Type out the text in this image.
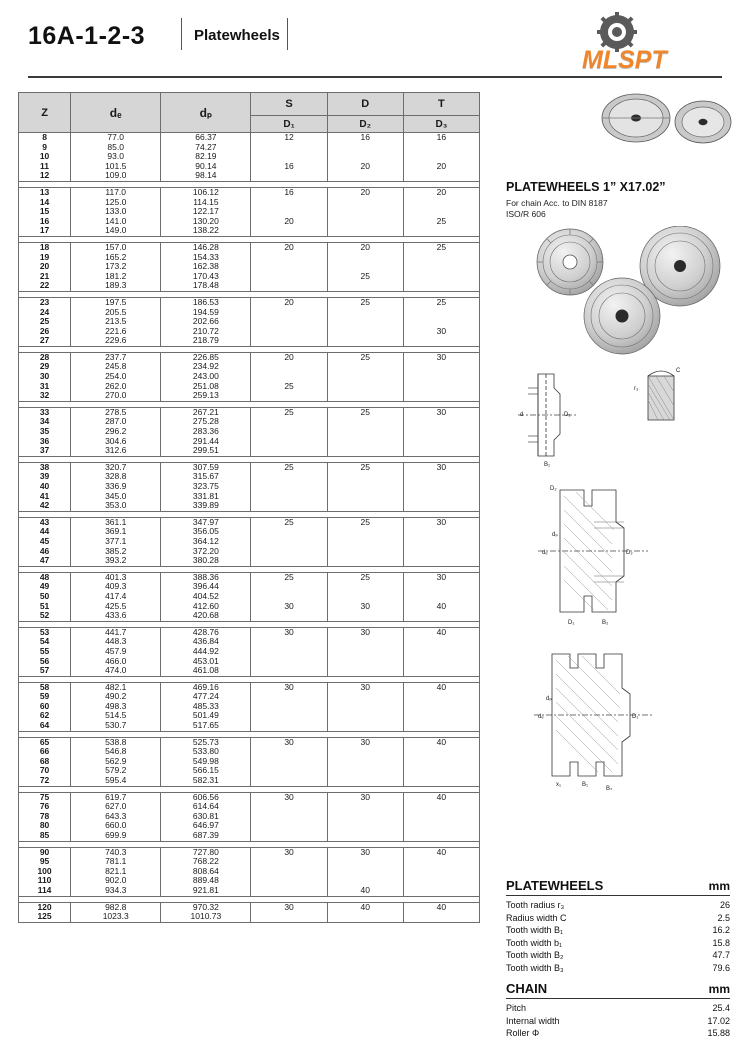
16A-1-2-3	Platewheels
MLSPT
Z	dₑ	dₚ	S	D	T
			D₁	D₂	D₃
8	77.0	66.37	12	16	16
9	85.0	74.27			
10	93.0	82.19			
11	101.5	90.14	16	20	20
12	109.0	98.14			

13	117.0	106.12	16	20	20
14	125.0	114.15			
15	133.0	122.17			
16	141.0	130.20	20		25
17	149.0	138.22			

18	157.0	146.28	20	20	25
19	165.2	154.33			
20	173.2	162.38			
21	181.2	170.43		25	
22	189.3	178.48			

23	197.5	186.53	20	25	25
24	205.5	194.59			
25	213.5	202.66			
26	221.6	210.72			30
27	229.6	218.79			

28	237.7	226.85	20	25	30
29	245.8	234.92			
30	254.0	243.00			
31	262.0	251.08	25		
32	270.0	259.13			

33	278.5	267.21	25	25	30
34	287.0	275.28			
35	296.2	283.36			
36	304.6	291.44			
37	312.6	299.51			

38	320.7	307.59	25	25	30
39	328.8	315.67			
40	336.9	323.75			
41	345.0	331.81			
42	353.0	339.89			

43	361.1	347.97	25	25	30
44	369.1	356.05			
45	377.1	364.12			
46	385.2	372.20			
47	393.2	380.28			

48	401.3	388.36	25	25	30
49	409.3	396.44			
50	417.4	404.52			
51	425.5	412.60	30	30	40
52	433.6	420.68			

53	441.7	428.76	30	30	40
54	448.3	436.84			
55	457.9	444.92			
56	466.0	453.01			
57	474.0	461.08			

58	482.1	469.16	30	30	40
59	490.2	477.24			
60	498.3	485.33			
62	514.5	501.49			
64	530.7	517.65			

65	538.8	525.73	30	30	40
66	546.8	533.80			
68	562.9	549.98			
70	579.2	566.15			
72	595.4	582.31			

75	619.7	606.56	30	30	40
76	627.0	614.64			
78	643.3	630.81			
80	660.0	646.97			
85	699.9	687.39			

90	740.3	727.80	30	30	40
95	781.1	768.22			
100	821.1	808.64			
110	902.0	889.48			
114	934.3	921.81		40	

120	982.8	970.32	30	40	40
125	1023.3	1010.73			
PLATEWHEELS 1” X17.02”
For chain Acc. to DIN 8187
ISO/R 606
C
r₃
d	D₁
B₁
D₂
dₑ
dₚ
D₂
D₁	B₂
dₑ
dₚ
D₁
x₁	B₁
B₃
PLATEWHEELS	mm
Tooth radius r₃	26
Radius width C	2.5
Tooth width B₁	16.2
Tooth width b₁	15.8
Tooth width B₂	47.7
Tooth width B₃	79.6
CHAIN	mm
Pitch	25.4
Internal width	17.02
Roller Φ	15.88
